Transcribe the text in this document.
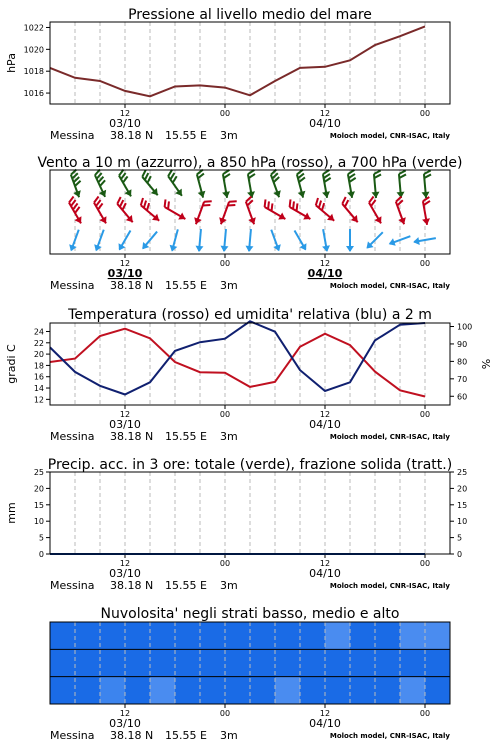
Pressione al livello medio del mare
12	00	12	00
03/10	04/10
Messina 38.18 N 15.55 E 3m	Moloch model, CNR-ISAC, Italy
1016
1018
1020
1022
hPa
Vento a 10 m (azzurro), a 850 hPa (rosso), a 700 hPa (verde)
12	00	12	00
03/10	04/10
Messina 38.18 N 15.55 E 3m	Moloch model, CNR-ISAC, Italy
Temperatura (rosso) ed umidita' relativa (blu) a 2 m
12	00	12	00
03/10	04/10
Messina 38.18 N 15.55 E 3m	Moloch model, CNR-ISAC, Italy
12
14
16
18
20
22
24
60
70
80
90
100
gradi C	%
Precip. acc. in 3 ore: totale (verde), frazione solida (tratt.)
12	00	12	00
03/10	04/10
Messina 38.18 N 15.55 E 3m	Moloch model, CNR-ISAC, Italy
0	0
5	5
10	10
15	15
20	20
25	25
mm
Nuvolosita' negli strati basso, medio e alto
12	00	12	00
03/10	04/10
Messina 38.18 N 15.55 E 3m	Moloch model, CNR-ISAC, Italy
